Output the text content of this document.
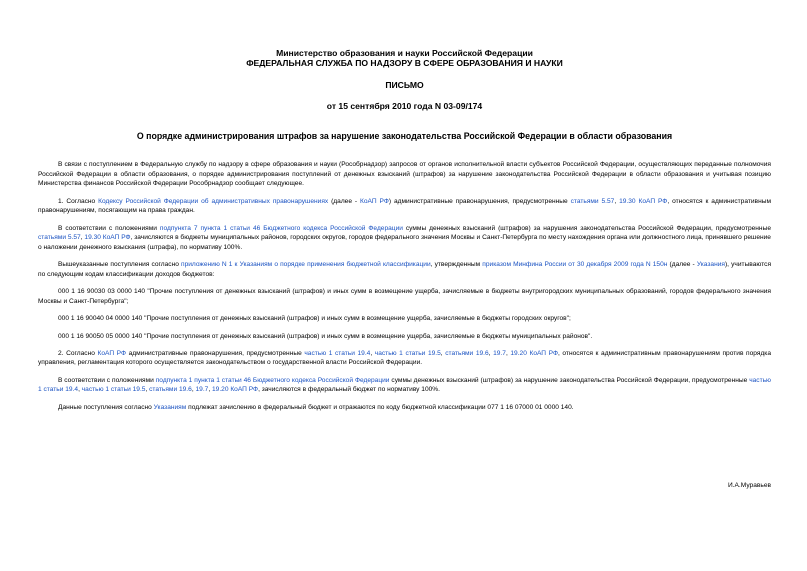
Министерство образования и науки Российской Федерации
ФЕДЕРАЛЬНАЯ СЛУЖБА ПО НАДЗОРУ В СФЕРЕ ОБРАЗОВАНИЯ И НАУКИ
ПИСЬМО
от 15 сентября 2010 года N 03-09/174
О порядке администрирования штрафов за нарушение законодательства Российской Федерации в области образования

В связи с поступлением в Федеральную службу по надзору в сфере образования и науки (Рособрнадзор) запросов от органов исполнительной власти субъектов Российской Федерации, осуществляющих переданные полномочия Российской Федерации в области образования, о порядке администрирования поступлений от денежных взысканий (штрафов) за нарушение законодательства Российской Федерации в области образования и учитывая позицию Министерства финансов Российской Федерации Рособрнадзор сообщает следующее.

1. Согласно Кодексу Российской Федерации об административных правонарушениях (далее - КоАП РФ) административные правонарушения, предусмотренные статьями 5.57, 19.30 КоАП РФ, относятся к административным правонарушениям, посягающим на права граждан.

В соответствии с положениями подпункта 7 пункта 1 статьи 46 Бюджетного кодекса Российской Федерации суммы денежных взысканий (штрафов) за нарушения законодательства Российской Федерации, предусмотренные статьями 5.57, 19.30 КоАП РФ, зачисляются в бюджеты муниципальных районов, городских округов, городов федерального значения Москвы и Санкт-Петербурга по месту нахождения органа или должностного лица, принявшего решение о наложении денежного взыскания (штрафа), по нормативу 100%.

Вышеуказанные поступления согласно приложению N 1 к Указаниям о порядке применения бюджетной классификации, утвержденным приказом Минфина России от 30 декабря 2009 года N 150н (далее - Указания), учитываются по следующим кодам классификации доходов бюджетов:

000 1 16 90030 03 0000 140 "Прочие поступления от денежных взысканий (штрафов) и иных сумм в возмещение ущерба, зачисляемые в бюджеты внутригородских муниципальных образований, городов федерального значения Москвы и Санкт-Петербурга";

000 1 16 90040 04 0000 140 "Прочие поступления от денежных взысканий (штрафов) и иных сумм в возмещение ущерба, зачисляемые в бюджеты городских округов";

000 1 16 90050 05 0000 140 "Прочие поступления от денежных взысканий (штрафов) и иных сумм в возмещение ущерба, зачисляемые в бюджеты муниципальных районов".

2. Согласно КоАП РФ административные правонарушения, предусмотренные частью 1 статьи 19.4, частью 1 статьи 19.5, статьями 19.6, 19.7, 19.20 КоАП РФ, относятся к административным правонарушениям против порядка управления, регламентация которого осуществляется законодательством о государственной власти Российской Федерации.

В соответствии с положениями подпункта 1 пункта 1 статьи 46 Бюджетного кодекса Российской Федерации суммы денежных взысканий (штрафов) за нарушение законодательства Российской Федерации, предусмотренные частью 1 статьи 19.4, частью 1 статьи 19.5, статьями 19.6, 19.7, 19.20 КоАП РФ, зачисляются в федеральный бюджет по нормативу 100%.

Данные поступления согласно Указаниям подлежат зачислению в федеральный бюджет и отражаются по коду бюджетной классификации 077 1 16 07000 01 0000 140.

И.А.Муравьев
